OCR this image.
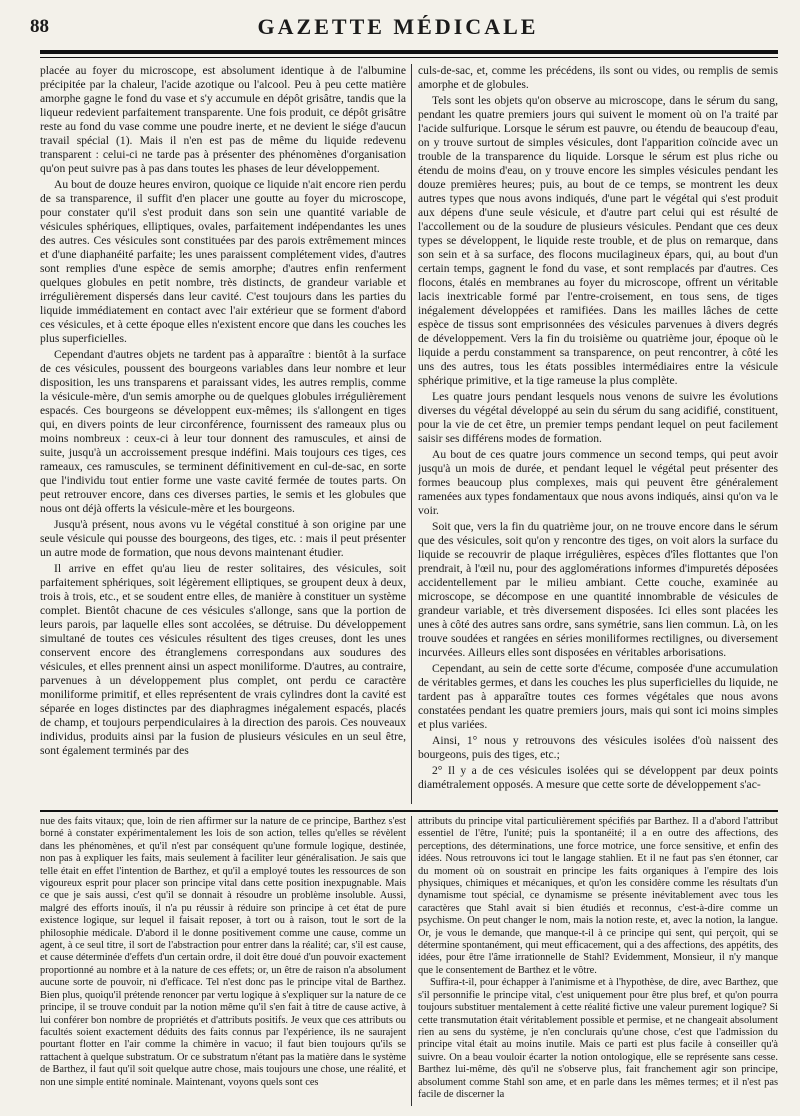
88	GAZETTE MÉDICALE

placée au foyer du microscope, est absolument identique à de l'albumine précipitée par la chaleur, l'acide azotique ou l'alcool. Peu à peu cette matière amorphe gagne le fond du vase et s'y accumule en dépôt grisâtre, tandis que la liqueur redevient parfaitement transparente. Une fois produit, ce dépôt grisâtre reste au fond du vase comme une poudre inerte, et ne devient le siége d'aucun travail spécial (1). Mais il n'en est pas de même du liquide redevenu transparent : celui-ci ne tarde pas à présenter des phénomènes d'organisation qu'on peut suivre pas à pas dans toutes les phases de leur développement.

Au bout de douze heures environ, quoique ce liquide n'ait encore rien perdu de sa transparence, il suffit d'en placer une goutte au foyer du microscope, pour constater qu'il s'est produit dans son sein une quantité variable de vésicules sphériques, elliptiques, ovales, parfaitement indépendantes les unes des autres. Ces vésicules sont constituées par des parois extrêmement minces et d'une diaphanéité parfaite; les unes paraissent complétement vides, d'autres sont remplies d'une espèce de semis amorphe; d'autres enfin renferment quelques globules en petit nombre, très distincts, de grandeur variable et irrégulièrement dispersés dans leur cavité. C'est toujours dans les parties du liquide immédiatement en contact avec l'air extérieur que se forment d'abord ces vésicules, et à cette époque elles n'existent encore que dans les couches les plus superficielles.

Cependant d'autres objets ne tardent pas à apparaître : bientôt à la surface de ces vésicules, poussent des bourgeons variables dans leur nombre et leur disposition, les uns transparens et paraissant vides, les autres remplis, comme la vésicule-mère, d'un semis amorphe ou de quelques globules irrégulièrement espacés. Ces bourgeons se développent eux-mêmes; ils s'allongent en tiges qui, en divers points de leur circonférence, fournissent des rameaux plus ou moins nombreux : ceux-ci à leur tour donnent des ramuscules, et ainsi de suite, jusqu'à un accroissement presque indéfini. Mais toujours ces tiges, ces rameaux, ces ramuscules, se terminent définitivement en cul-de-sac, en sorte que l'individu tout entier forme une vaste cavité fermée de toutes parts. On peut retrouver encore, dans ces diverses parties, le semis et les globules que nous ont déjà offerts la vésicule-mère et les bourgeons.

Jusqu'à présent, nous avons vu le végétal constitué à son origine par une seule vésicule qui pousse des bourgeons, des tiges, etc. : mais il peut présenter un autre mode de formation, que nous devons maintenant étudier.

Il arrive en effet qu'au lieu de rester solitaires, des vésicules, soit parfaitement sphériques, soit légèrement elliptiques, se groupent deux à deux, trois à trois, etc., et se soudent entre elles, de manière à constituer un système complet. Bientôt chacune de ces vésicules s'allonge, sans que la portion de leurs parois, par laquelle elles sont accolées, se détruise. Du développement simultané de toutes ces vésicules résultent des tiges creuses, dont les unes conservent encore des étranglemens correspondans aux soudures des vésicules, et elles prennent ainsi un aspect moniliforme. D'autres, au contraire, parvenues à un développement plus complet, ont perdu ce caractère moniliforme primitif, et elles représentent de vrais cylindres dont la cavité est séparée en loges distinctes par des diaphragmes inégalement espacés, placés de champ, et toujours perpendiculaires à la direction des parois. Ces nouveaux individus, produits ainsi par la fusion de plusieurs vésicules en un seul être, sont également terminés par des

culs-de-sac, et, comme les précédens, ils sont ou vides, ou remplis de semis amorphe et de globules.

Tels sont les objets qu'on observe au microscope, dans le sérum du sang, pendant les quatre premiers jours qui suivent le moment où on l'a traité par l'acide sulfurique. Lorsque le sérum est pauvre, ou étendu de beaucoup d'eau, on y trouve surtout de simples vésicules, dont l'apparition coïncide avec un trouble de la transparence du liquide. Lorsque le sérum est plus riche ou étendu de moins d'eau, on y trouve encore les simples vésicules pendant les douze premières heures; puis, au bout de ce temps, se montrent les deux autres types que nous avons indiqués, d'une part le végétal qui s'est produit aux dépens d'une seule vésicule, et d'autre part celui qui est résulté de l'accollement ou de la soudure de plusieurs vésicules. Pendant que ces deux types se développent, le liquide reste trouble, et de plus on remarque, dans son sein et à sa surface, des flocons mucilagineux épars, qui, au bout d'un certain temps, gagnent le fond du vase, et sont remplacés par d'autres. Ces flocons, étalés en membranes au foyer du microscope, offrent un véritable lacis inextricable formé par l'entre-croisement, en tous sens, de tiges inégalement développées et ramifiées. Dans les mailles lâches de cette espèce de tissus sont emprisonnées des vésicules parvenues à divers degrés de développement. Vers la fin du troisième ou quatrième jour, époque où le liquide a perdu constamment sa transparence, on peut rencontrer, à côté les uns des autres, tous les états possibles intermédiaires entre la vésicule sphérique primitive, et la tige rameuse la plus complète.

Les quatre jours pendant lesquels nous venons de suivre les évolutions diverses du végétal développé au sein du sérum du sang acidifié, constituent, pour la vie de cet être, un premier temps pendant lequel on peut facilement saisir ses différens modes de formation.

Au bout de ces quatre jours commence un second temps, qui peut avoir jusqu'à un mois de durée, et pendant lequel le végétal peut présenter des formes beaucoup plus complexes, mais qui peuvent être généralement ramenées aux types fondamentaux que nous avons indiqués, ainsi qu'on va le voir.

Soit que, vers la fin du quatrième jour, on ne trouve encore dans le sérum que des vésicules, soit qu'on y rencontre des tiges, on voit alors la surface du liquide se recouvrir de plaque irrégulières, espèces d'îles flottantes que l'on prendrait, à l'œil nu, pour des agglomérations informes d'impuretés déposées accidentellement par le milieu ambiant. Cette couche, examinée au microscope, se décompose en une quantité innombrable de vésicules de grandeur variable, et très diversement disposées. Ici elles sont placées les unes à côté des autres sans ordre, sans symétrie, sans lien commun. Là, on les trouve soudées et rangées en séries moniliformes rectilignes, ou diversement incurvées. Ailleurs elles sont disposées en véritables arborisations.

Cependant, au sein de cette sorte d'écume, composée d'une accumulation de véritables germes, et dans les couches les plus superficielles du liquide, ne tardent pas à apparaître toutes ces formes végétales que nous avons constatées pendant les quatre premiers jours, mais qui sont ici moins simples et plus variées.

Ainsi, 1° nous y retrouvons des vésicules isolées d'où naissent des bourgeons, puis des tiges, etc.;

2° Il y a de ces vésicules isolées qui se développent par deux points diamétralement opposés. A mesure que cette sorte de développement s'ac-

nue des faits vitaux; que, loin de rien affirmer sur la nature de ce principe, Barthez s'est borné à constater expérimentalement les lois de son action, telles qu'elles se révèlent dans les phénomènes, et qu'il n'est par conséquent qu'une formule logique, destinée, non pas à expliquer les faits, mais seulement à faciliter leur généralisation. Je sais que telle était en effet l'intention de Barthez, et qu'il a employé toutes les ressources de son vigoureux esprit pour placer son principe vital dans cette position inexpugnable. Mais ce que je sais aussi, c'est qu'il se donnait à résoudre un problème insoluble. Aussi, malgré des efforts inouïs, il n'a pu réussir à réduire son principe à cet état de pure existence logique, sur lequel il faisait reposer, à tort ou à raison, tout le sort de la philosophie médicale. D'abord il le donne positivement comme une cause, comme un agent, à ce seul titre, il sort de l'abstraction pour entrer dans la réalité; car, s'il est cause, et cause déterminée d'effets d'un certain ordre, il doit être doué d'un pouvoir exactement proportionné au nombre et à la nature de ces effets; or, un être de raison n'a absolument aucune sorte de pouvoir, ni d'efficace. Tel n'est donc pas le principe vital de Barthez. Bien plus, quoiqu'il prétende renoncer par vertu logique à s'expliquer sur la nature de ce principe, il se trouve conduit par la notion même qu'il s'en fait à titre de cause active, à lui conférer bon nombre de propriétés et d'attributs positifs. Je veux que ces attributs ou facultés soient exactement déduits des faits connus par l'expérience, ils ne saurajent pourtant flotter en l'air comme la chimère in vacuo; il faut bien toujours qu'ils se rattachent à quelque substratum. Or ce substratum n'étant pas la matière dans le système de Barthez, il faut qu'il soit quelque autre chose, mais toujours une chose, une réalité, et non une simple entité nominale. Maintenant, voyons quels sont ces

attributs du principe vital particulièrement spécifiés par Barthez. Il a d'abord l'attribut essentiel de l'être, l'unité; puis la spontanéité; il a en outre des affections, des perceptions, des déterminations, une force motrice, une force sensitive, et enfin des idées. Nous retrouvons ici tout le langage stahlien. Et il ne faut pas s'en étonner, car du moment où on soustrait en principe les faits organiques à l'empire des lois physiques, chimiques et mécaniques, et qu'on les considère comme les résultats d'un dynamisme tout spécial, ce dynamisme se présente inévitablement avec tous les caractères que Stahl avait si bien étudiés et reconnus, c'est-à-dire comme un psychisme. On peut changer le nom, mais la notion reste, et, avec la notion, la langue. Or, je vous le demande, que manque-t-il à ce principe qui sent, qui perçoit, qui se détermine spontanément, qui meut efficacement, qui a des affections, des appétits, des idées, pour être l'âme irrationnelle de Stahl? Evidemment, Monsieur, il n'y manque que le consentement de Barthez et le vôtre.

Suffira-t-il, pour échapper à l'animisme et à l'hypothèse, de dire, avec Barthez, que s'il personnifie le principe vital, c'est uniquement pour être plus bref, et qu'on pourra toujours substituer mentalement à cette réalité fictive une valeur purement logique? Si cette transmutation était véritablement possible et permise, et ne changeait absolument rien au sens du système, je n'en conclurais qu'une chose, c'est que l'admission du principe vital était au moins inutile. Mais ce parti est plus facile à conseiller qu'à suivre. On a beau vouloir écarter la notion ontologique, elle se représente sans cesse. Barthez lui-même, dès qu'il ne s'observe plus, fait franchement agir son principe, absolument comme Stahl son ame, et en parle dans les mêmes termes; et il n'est pas facile de discerner la
